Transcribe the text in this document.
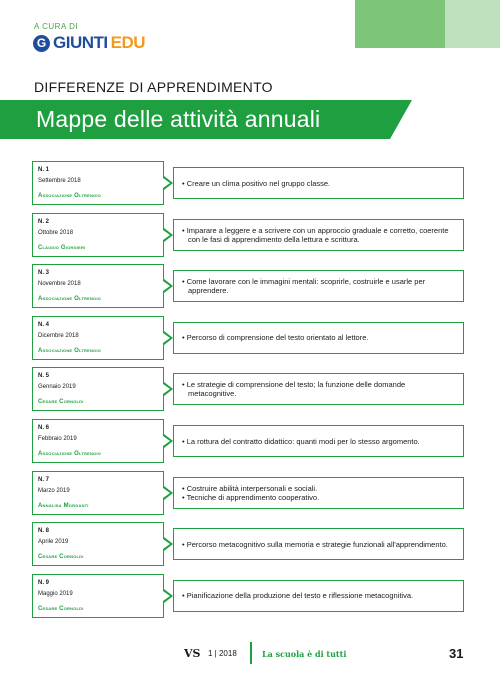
A CURA DI
G GIUNTI EDU
DIFFERENZE DI APPRENDIMENTO
Mappe delle attività annuali
N. 1
Settembre 2018
Associazione Oltrenoio
• Creare un clima positivo nel gruppo classe.
N. 2
Ottobre 2018
Claudio Giorgieri
• Imparare a leggere e a scrivere con un approccio graduale e corretto, coerente con le fasi di apprendimento della lettura e scrittura.
N. 3
Novembre 2018
Associazione Oltrenoio
• Come lavorare con le immagini mentali: scoprirle, costruirle e usarle per apprendere.
N. 4
Dicembre 2018
Associazione Oltrenoio
• Percorso di comprensione del testo orientato al lettore.
N. 5
Gennaio 2019
Cesare Cornoldi
• Le strategie di comprensione del testo; la funzione delle domande metacognitive.
N. 6
Febbraio 2019
Associazione Oltrenoio
• La rottura del contratto didattico: quanti modi per lo stesso argomento.
N. 7
Marzo 2019
Annalisa Morganti
• Costruire abilità interpersonali e sociali.
• Tecniche di apprendimento cooperativo.
N. 8
Aprile 2019
Cesare Cornoldi
• Percorso metacognitivo sulla memoria e strategie funzionali all'apprendimento.
N. 9
Maggio 2019
Cesare Cornoldi
• Pianificazione della produzione del testo e riflessione metacognitiva.
VS 1 | 2018	La scuola è di tutti	31
